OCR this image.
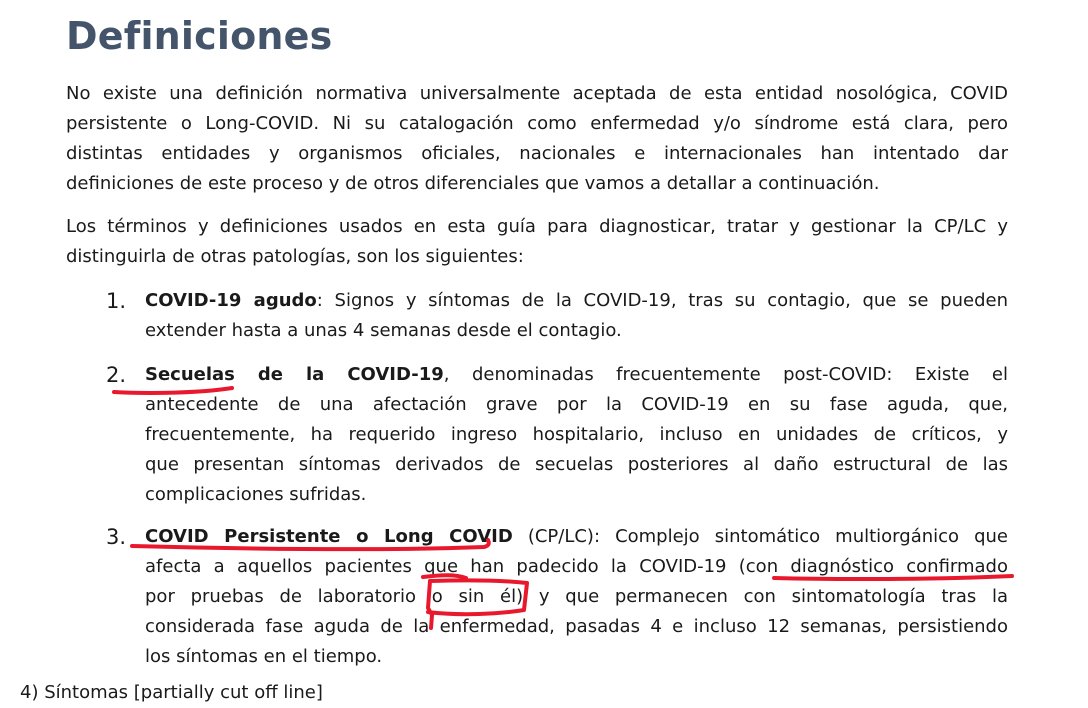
Definiciones
No existe una definición normativa universalmente aceptada de esta entidad nosológica, COVID
persistente o Long-COVID. Ni su catalogación como enfermedad y/o síndrome está clara, pero
distintas entidades y organismos oficiales, nacionales e internacionales han intentado dar
definiciones de este proceso y de otros diferenciales que vamos a detallar a continuación.
Los términos y definiciones usados en esta guía para diagnosticar, tratar y gestionar la CP/LC y
distinguirla de otras patologías, son los siguientes:
1. COVID-19 agudo: Signos y síntomas de la COVID-19, tras su contagio, que se pueden
extender hasta a unas 4 semanas desde el contagio.
2. Secuelas de la COVID-19, denominadas frecuentemente post-COVID: Existe el
antecedente de una afectación grave por la COVID-19 en su fase aguda, que,
frecuentemente, ha requerido ingreso hospitalario, incluso en unidades de críticos, y
que presentan síntomas derivados de secuelas posteriores al daño estructural de las
complicaciones sufridas.
3. COVID Persistente o Long COVID (CP/LC): Complejo sintomático multiorgánico que
afecta a aquellos pacientes que han padecido la COVID-19 (con diagnóstico confirmado
por pruebas de laboratorio o sin él) y que permanecen con sintomatología tras la
considerada fase aguda de la enfermedad, pasadas 4 e incluso 12 semanas, persistiendo
los síntomas en el tiempo.
4) Síntomas [partially cut off line]
